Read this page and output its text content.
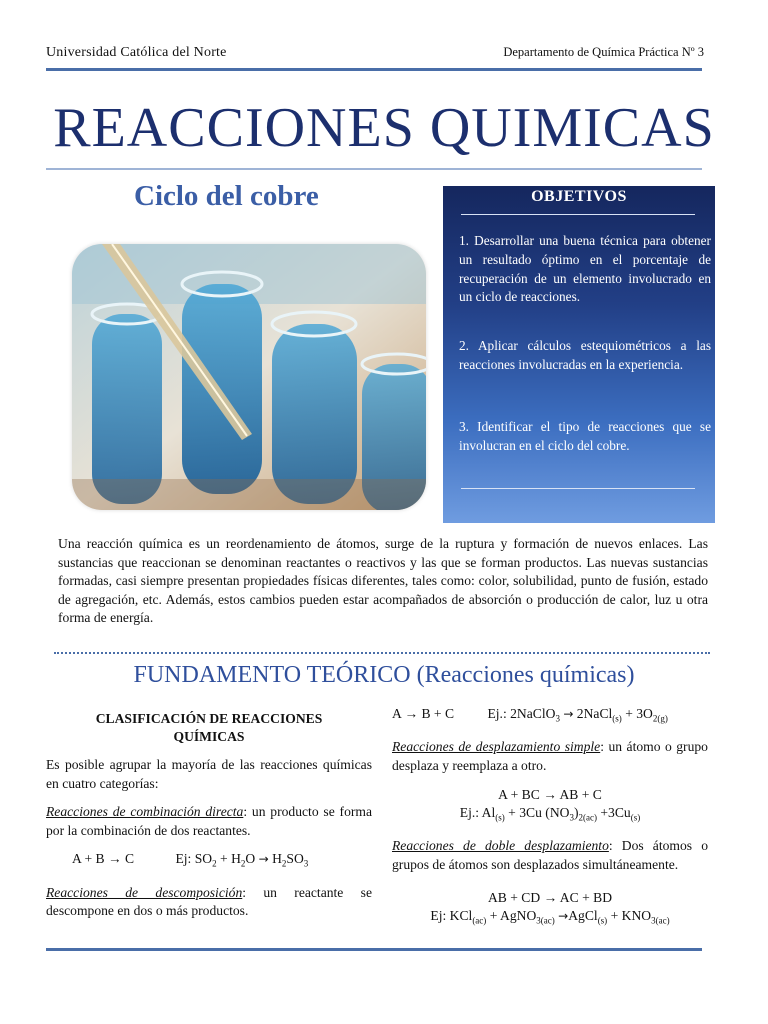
Universidad Católica del Norte	Departamento de Química Práctica Nº 3
REACCIONES QUIMICAS
Ciclo del cobre	OBJETIVOS
1. Desarrollar una buena técnica para obtener un resultado óptimo en el porcentaje de recuperación de un elemento involucrado en un ciclo de reacciones.
2. Aplicar cálculos estequiométricos a las reacciones involucradas en la experiencia.
3. Identificar el tipo de reacciones que se involucran en el ciclo del cobre.
Una reacción química es un reordenamiento de átomos, surge de la ruptura y formación de nuevos enlaces. Las sustancias que reaccionan se denominan reactantes o reactivos y las que se forman productos. Las nuevas sustancias formadas, casi siempre presentan propiedades físicas diferentes, tales como: color, solubilidad, punto de fusión, estado de agregación, etc. Además, estos cambios pueden estar acompañados de absorción o producción de calor, luz u otra forma de energía.
FUNDAMENTO TEÓRICO (Reacciones químicas)
CLASIFICACIÓN DE REACCIONES QUÍMICAS

Es posible agrupar la mayoría de las reacciones químicas en cuatro categorías:

Reacciones de combinación directa: un producto se forma por la combinación de dos reactantes.

A + B → C	Ej: $SO_2 + H_2O \to H_2SO_3$

Reacciones de descomposición: un reactante se descompone en dos o más productos.

A → B + C Ej.: 2NaClO$_3$ → 2NaCl$_{(s)}$ + $3O_{2(g)}$

Reacciones de desplazamiento simple: un átomo o grupo desplaza y reemplaza a otro.

A + BC → AB + C

Ej.: $Al_{(s)} + 3Cu$ $(NO_3)_{2(ac)} +3Cu_{(s)}$

Reacciones de doble desplazamiento: Dos átomos o grupos de átomos son desplazados simultáneamente.

AB + CD → AC + BD

Ej: KCl$_{(ac)}$ + AgNO$_{3(ac)}$ →AgCl$_{(s)}$ + $KNO_{3(ac)}$
